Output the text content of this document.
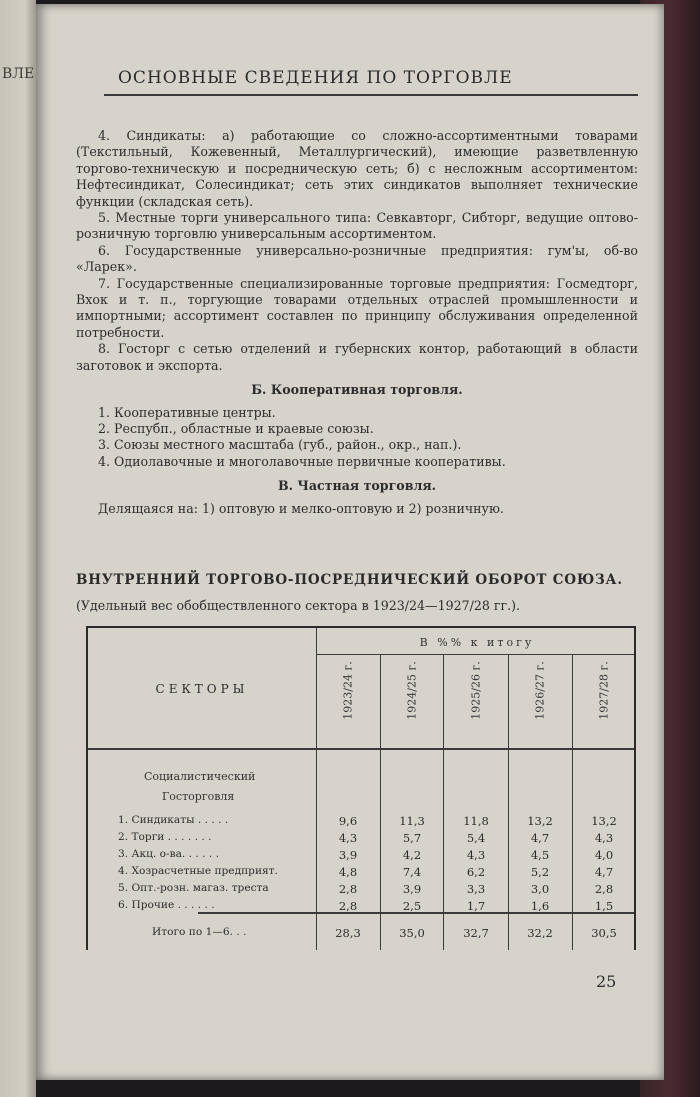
ВЛЕ	ОСНОВНЫЕ СВЕДЕНИЯ ПО ТОРГОВЛЕ

4. Синдикаты: а) работающие со сложно-ассортиментными товарами (Текстильный, Кожевенный, Металлургический), имеющие разветвленную торгово-техническую и посредническую сеть; б) с несложным ассортиментом: Нефтесиндикат, Солесиндикат; сеть этих синдикатов выполняет технические функции (складская сеть).

5. Местные торги универсального типа: Севкавторг, Сибторг, ведущие оптово-розничную торговлю универсальным ассортиментом.

6. Государственные универсально-розничные предприятия: гум'ы, об-во «Ларек».

7. Государственные специализированные торговые предприятия: Госмедторг, Вхок и т. п., торгующие товарами отдельных отраслей промышленности и импортными; ассортимент составлен по принципу обслуживания определенной потребности.

8. Госторг с сетью отделений и губернских контор, работающий в области заготовок и экспорта.

Б. Кооперативная торговля.

1. Кооперативные центры.

2. Респубп., областные и краевые союзы.

3. Союзы местного масштаба (губ., район., окр., нап.).

4. Одиолавочные и многолавочные первичные кооперативы.

В. Частная торговля.

Делящаяся на: 1) оптовую и мелко-оптовую и 2) розничную.

ВНУТРЕННИЙ ТОРГОВО-ПОСРЕДНИЧЕСКИЙ ОБОРОТ СОЮЗА.
(Удельный вес обобществленного сектора в 1923/24—1927/28 гг.).
СЕКТОРЫ
В %% к итогу
1923/24 г.	1924/25 г.	1925/26 г.	1926/27 г.	1927/28 г.
Социалистический
Госторговля
1. Синдикаты . . . . .	9,6	11,3	11,8	13,2	13,2
2. Торги . . . . . . .	4,3	5,7	5,4	4,7	4,3
3. Акц. о-ва. . . . . .	3,9	4,2	4,3	4,5	4,0
4. Хозрасчетные предприят.	4,8	7,4	6,2	5,2	4,7
5. Опт.-розн. магаз. треста	2,8	3,9	3,3	3,0	2,8
6. Прочие . . . . . .	2,8	2,5	1,7	1,6	1,5
Итого по 1—6. . .	28,3	35,0	32,7	32,2	30,5
25
